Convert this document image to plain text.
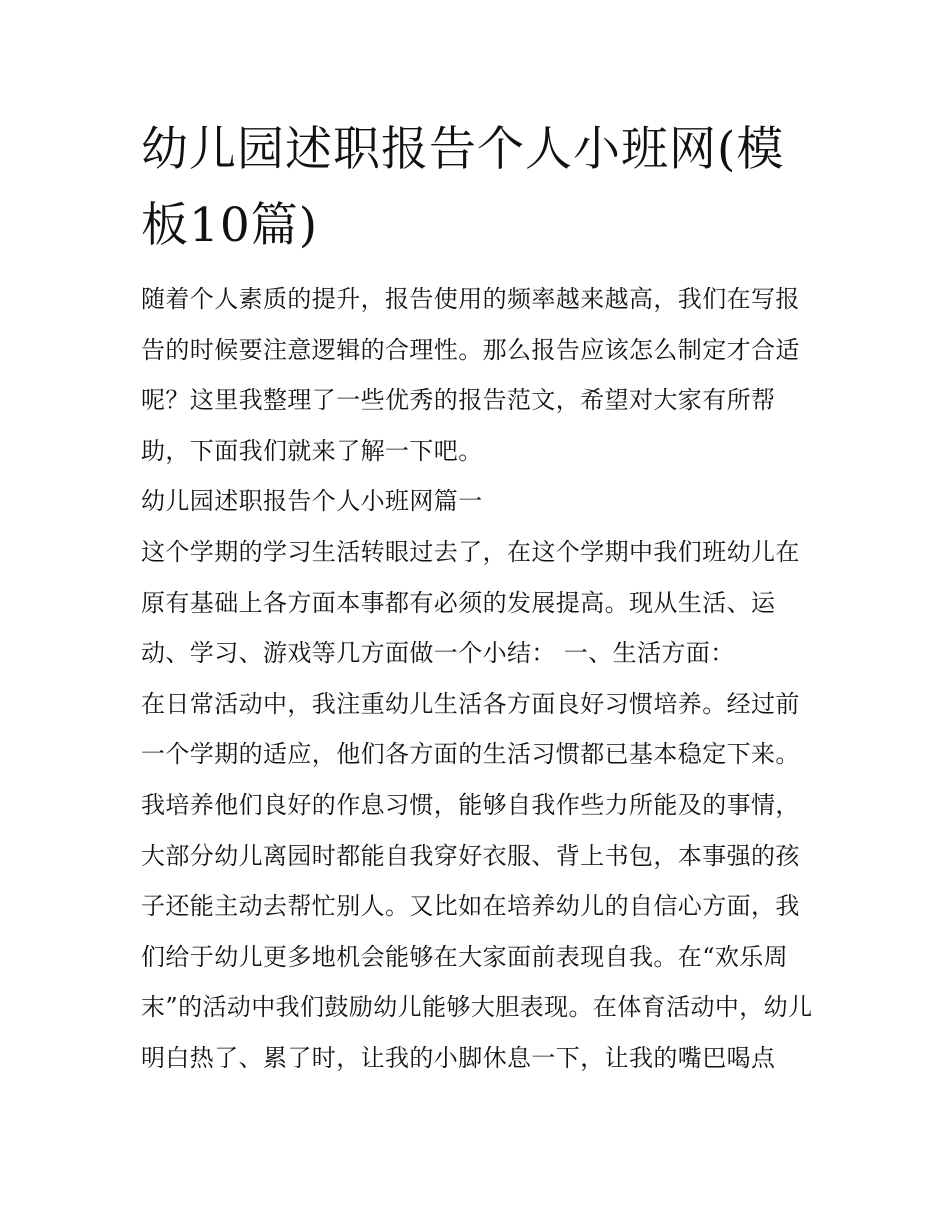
幼儿园述职报告个人小班网(模板10篇)

随着个人素质的提升，报告使用的频率越来越高，我们在写报告的时候要注意逻辑的合理性。那么报告应该怎么制定才合适呢？这里我整理了一些优秀的报告范文，希望对大家有所帮助，下面我们就来了解一下吧。

幼儿园述职报告个人小班网篇一

这个学期的学习生活转眼过去了，在这个学期中我们班幼儿在原有基础上各方面本事都有必须的发展提高。现从生活、运动、学习、游戏等几方面做一个小结： 一、生活方面：

在日常活动中，我注重幼儿生活各方面良好习惯培养。经过前一个学期的适应，他们各方面的生活习惯都已基本稳定下来。我培养他们良好的作息习惯，能够自我作些力所能及的事情，大部分幼儿离园时都能自我穿好衣服、背上书包，本事强的孩子还能主动去帮忙别人。又比如在培养幼儿的自信心方面，我们给于幼儿更多地机会能够在大家面前表现自我。在“欢乐周末”的活动中我们鼓励幼儿能够大胆表现。在体育活动中，幼儿明白热了、累了时，让我的小脚休息一下，让我的嘴巴喝点
